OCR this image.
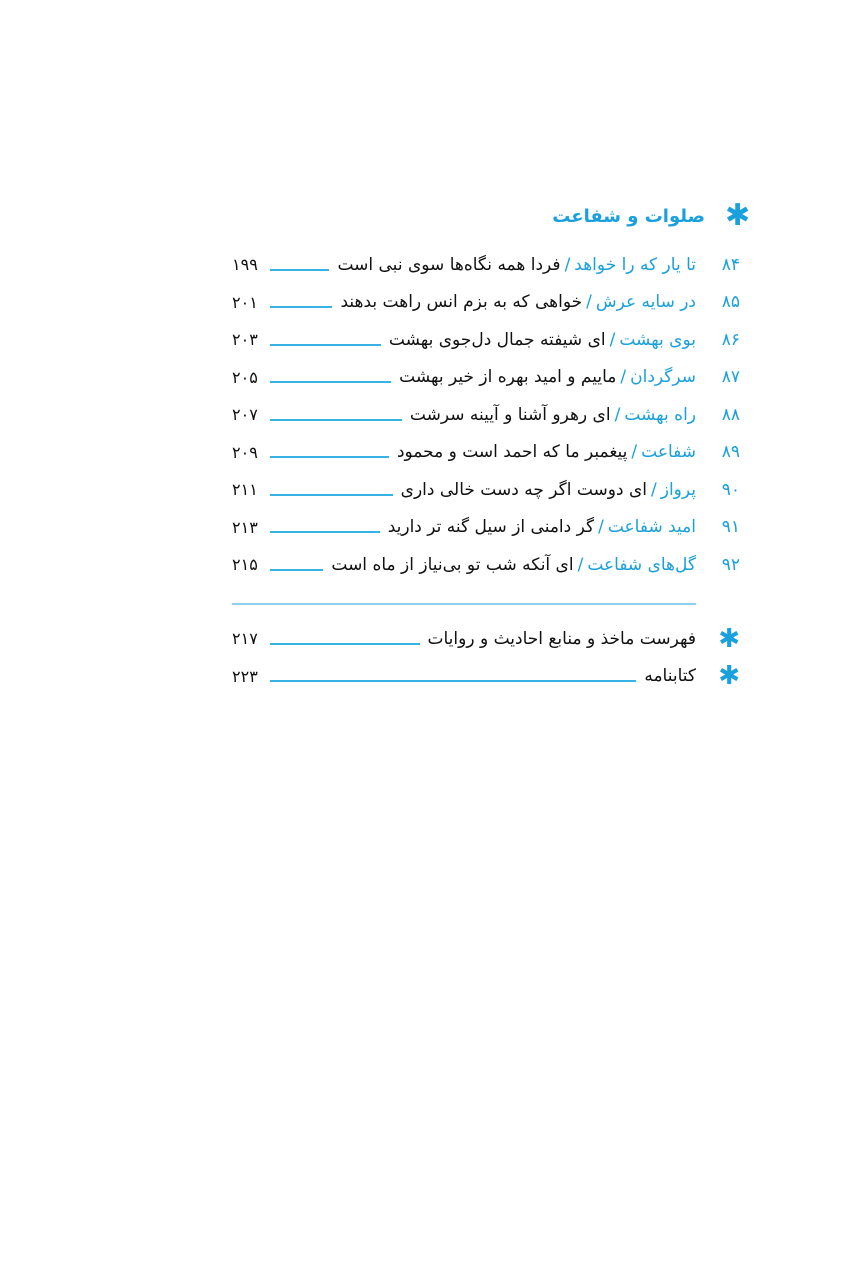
✱
صلوات و شفاعت
۸۴
تا یار که را خواهد/فردا همه نگاه‌ها سوی نبی است
۱۹۹
۸۵
در سایه عرش/خواهی که به بزم انس راهت بدهند
۲۰۱
۸۶
بوی بهشت/ای شیفته جمال دل‌جوی بهشت
۲۰۳
۸۷
سرگردان/ماییم و امید بهره از خیر بهشت
۲۰۵
۸۸
راه بهشت/ای رهرو آشنا و آیینه سرشت
۲۰۷
۸۹
شفاعت/پیغمبر ما که احمد است و محمود
۲۰۹
۹۰
پرواز/ای دوست اگر چه دست خالی داری
۲۱۱
۹۱
امید شفاعت/گر دامنی از سیل گنه تر دارید
۲۱۳
۹۲
گل‌های شفاعت/ای آنکه شب تو بی‌نیاز از ماه است
۲۱۵
✱
فهرست ماخذ و منابع احادیث و روایات
۲۱۷
✱
کتابنامه
۲۲۳
